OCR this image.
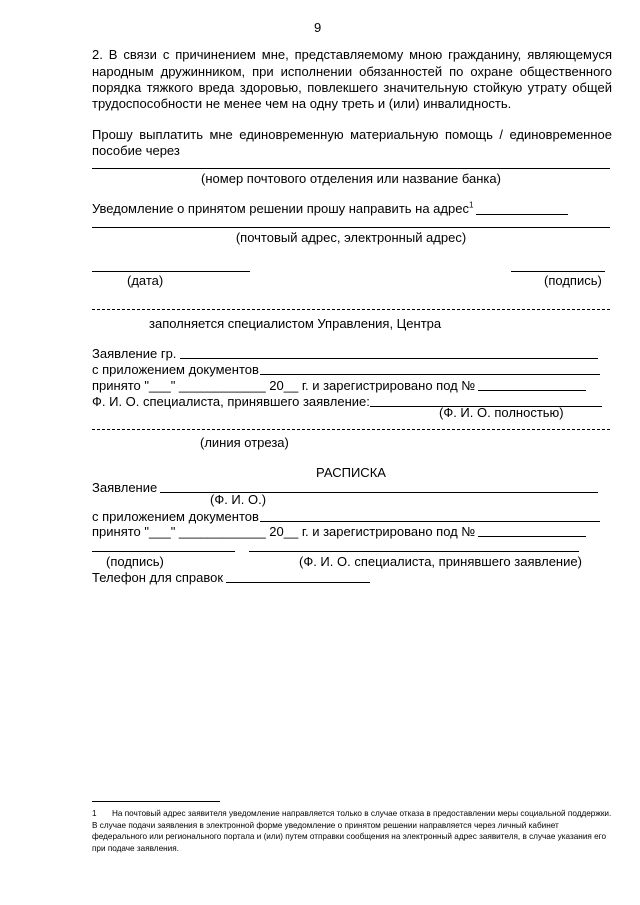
9
2. В связи с причинением мне, представляемому мною гражданину, являющемуся
народным дружинником, при исполнении обязанностей по охране общественного
порядка тяжкого вреда здоровью, повлекшего значительную стойкую утрату общей
трудоспособности не менее чем на одну треть и (или) инвалидность.
Прошу выплатить мне единовременную материальную помощь / единовременное
пособие через
(номер почтового отделения или название банка)
Уведомление о принятом решении прошу направить на адрес$^1$
(почтовый адрес, электронный адрес)
(дата)	(подпись)
заполняется специалистом Управления, Центра
Заявление гр.
с приложением документов
принято "___" ____________ 20__ г. и зарегистрировано под №
Ф. И. О. специалиста, принявшего заявление:
(Ф. И. О. полностью)
(линия отреза)
РАСПИСКА
Заявление
(Ф. И. О.)
с приложением документов
принято "___" ____________ 20__ г. и зарегистрировано под №
(подпись)	(Ф. И. О. специалиста, принявшего заявление)
Телефон для справок
1	На почтовый адрес заявителя уведомление направляется только в случае отказа в предоставлении меры социальной поддержки. В случае подачи заявления в электронной форме уведомление о принятом решении направляется через личный кабинет федерального или регионального портала и (или) путем отправки сообщения на электронный адрес заявителя, в случае указания его при подаче заявления.
